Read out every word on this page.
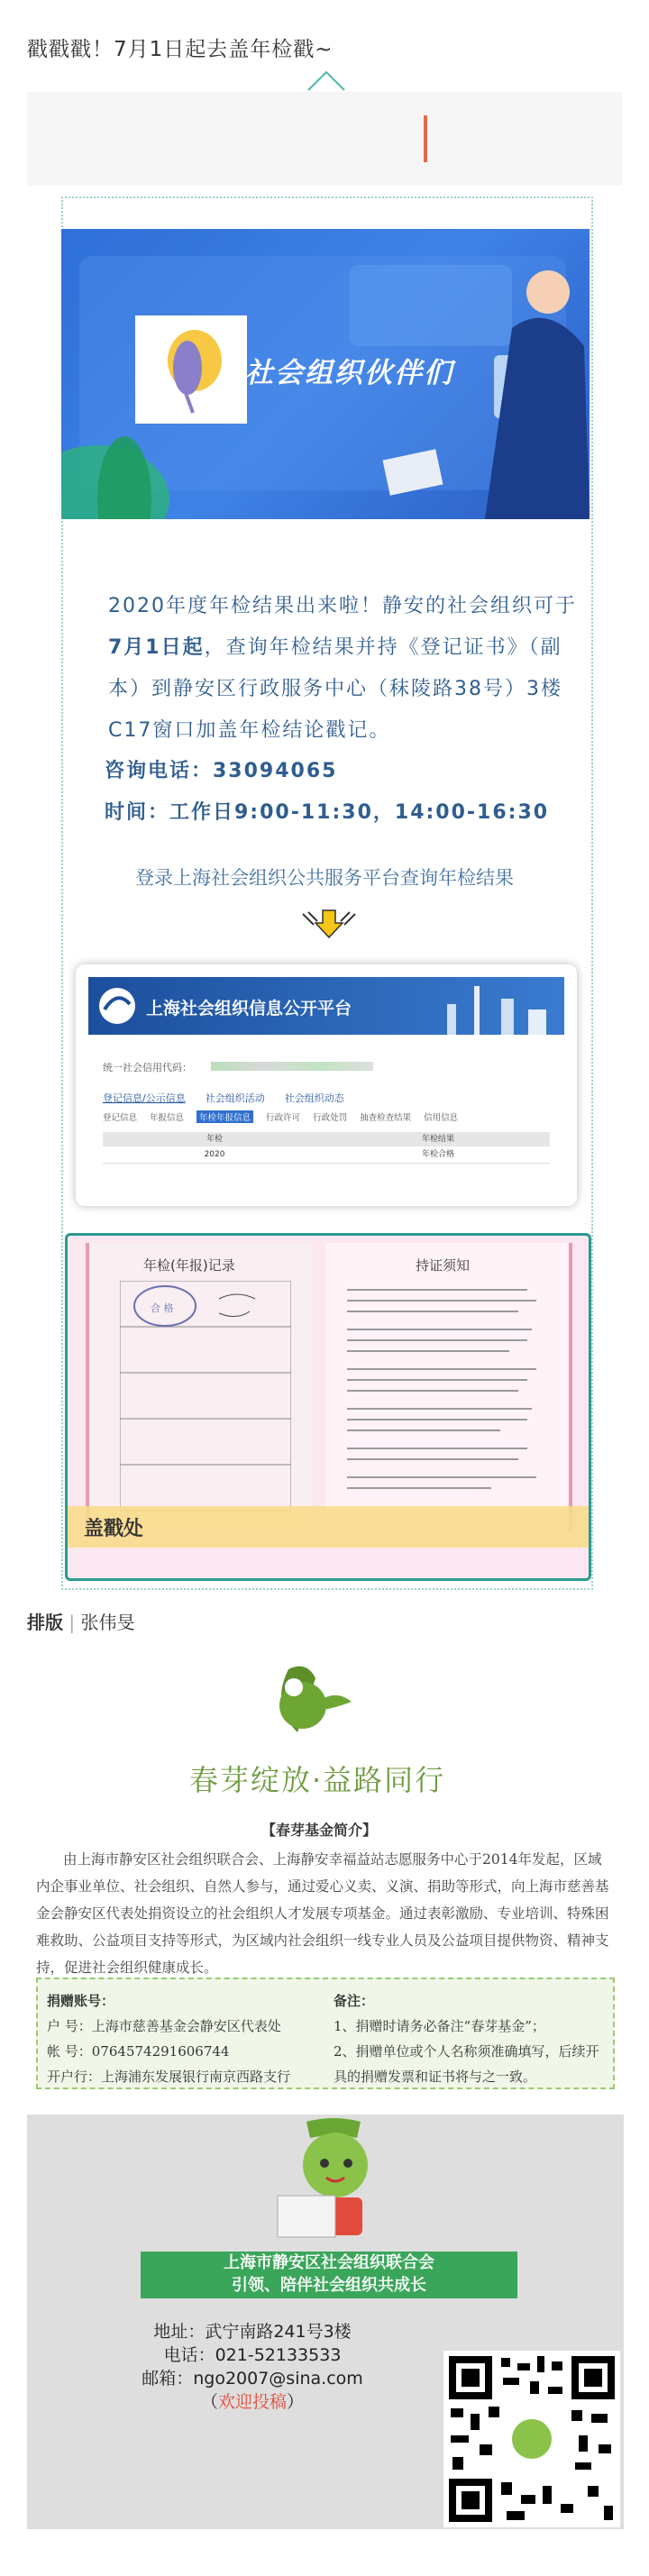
戳戳戳！7月1日起去盖年检戳~
社会组织伙伴们
2020年度年检结果出来啦！静安的社会组织可于7月1日起，查询年检结果并持《登记证书》（副本）到静安区行政服务中心（秣陵路38号）3楼C17窗口加盖年检结论戳记。
咨询电话：33094065
时间：工作日9:00-11:30，14:00-16:30
登录上海社会组织公共服务平台查询年检结果
上海社会组织信息公开平台
统一社会信用代码：
登记信息/公示信息 社会组织活动 社会组织动态
登记信息 年报信息	年检年报信息	行政许可 行政处罚 抽查检查结果 信用信息
年检	年检结果
2020	年检合格
年检(年报)记录
合 格
持证须知
盖戳处
排版 | 张伟旻
春芽绽放·益路同行
【春芽基金简介】
由上海市静安区社会组织联合会、上海静安幸福益站志愿服务中心于2014年发起，区域内企事业单位、社会组织、自然人参与，通过爱心义卖、义演、捐助等形式，向上海市慈善基金会静安区代表处捐资设立的社会组织人才发展专项基金。通过表彰激励、专业培训、特殊困难救助、公益项目支持等形式，为区域内社会组织一线专业人员及公益项目提供物资、精神支持，促进社会组织健康成长。
捐赠账号：
户 号：上海市慈善基金会静安区代表处
帐 号：0764574291606744
开户行：上海浦东发展银行南京西路支行
备注：
1、捐赠时请务必备注“春芽基金”；
2、捐赠单位或个人名称须准确填写，后续开具的捐赠发票和证书将与之一致。
上海市静安区社会组织联合会
引领、陪伴社会组织共成长
地址：武宁南路241号3楼
电话：021-52133533
邮箱：ngo2007@sina.com
（欢迎投稿）
